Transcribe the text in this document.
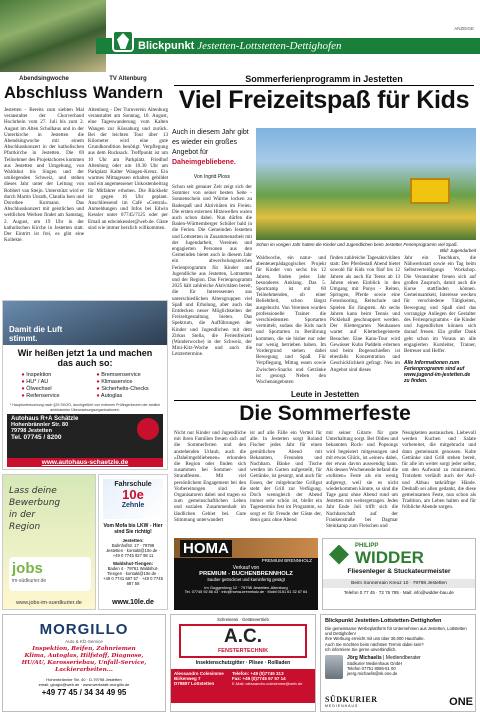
ANZEIGE
Blickpunkt Jestetten-Lottstetten-Dettighofen
Abendsingwoche
Abschluss
Jestetten - Bereits zum siebten Mal veranstaltet der Chorverband Hochrhein vom 27. Juli bis zum 2. August im Alten Schulhaus und in der Unterkirche in Jestetten die Abendsingwoche mit einem Abschlusskonzert in der katholischen Pfarrkirche in Jestetten. Die 69 Teilnehmer des Projektchores kommen aus Jestetten und Umgebung, von Waldshut bis Singen und der umliegenden Schweiz, und stehen dieses Jahr unter der Leitung von Robbert van Steijn. Unterstützt wird er durch Martin Unrath, Claudia Isen und Dorothee Kurmann. Das Abschlusskonzert mit geistlichen und weltlichen Werken findet am Samstag, 2. August, um 19 Uhr in der katholischen Kirche in Jestetten statt. Der Eintritt ist frei, es gibt eine Kollekte.
TV Altenburg
Wandern
Altenburg - Der Turnverein Altenburg veranstaltet am Sonntag, 10. August, eine Tageswanderung vom Kalten Wangen zur Küssaburg und zurück. Bei der leichten Tour über 13 Kilometer wird eine gute Grundkondition benötigt. Verpflegung aus dem Rucksack. Treffpunkt ist um 10 Uhr am Parkplatz Friedhof Altenburg oder um 10.30 Uhr am Parkplatz Kalter Wangen-Kreuz. Ein warmes Mittagessen erhalten gebildet und ein angemessener Unkostenbeitrag für Mitfahrer erhoben. Die Rückkehr ist gegen 16 Uhr geplant. Anschliessend im Café »Central«. Anmeldungen und Infos bei Edwin Kessler unter 07745/7125 oder per Email an edwinkessler@web.de. Gäste sind wie immer herzlich willkommen.
Sommerferienprogramm in Jestetten
Viel Freizeitspaß für Kids
Auch in diesem Jahr gibt es wieder ein großes Angebot für
Daheimgebliebene.
Von Ingrid Ploss
Schon seit genauer Zeit zeigt sich der Sommer von seiner besten Seite - Sonnenschein und Wärme locken zu Badespaß und Aktivitäten im Freien. Die ersten externen Hitzewellen waren auch schon dabei. Nun dürfen die Baden-Württemberger Schüler bald in die Ferien. Die Gemeinden Jestetten und Lottstetten in Zusammenarbeit mit der Jugendarbeit, Vereinen und engagierten Personen aus den Gemeinden bietet auch in diesem Jahr ein abwechslungsreiches Ferienprogramm für Kinder und Jugendliche aus Jestetten, Lottstetten und der Region. Das Ferienprogramm 2025 hält zahlreiche Aktivitäten bereit, die für Interessenten aus unterschiedlichen Altersgruppen viel Spaß und Erholung, aber auch das Entdecken neuer Möglichkeiten der Freizeitgestaltung bieten. Das Spektrum, die Aufführungen der Kinder und Jugendlichen mit dem Zirkus Stella, die Ferienfreizeit (Wanderwoche) in der Schweiz, der Mini-Kitz-Woche und auch die Letztertermine.
Schon im vorigen Jahr hatten die Kinder und Jugendlichen beim Jestetter Ferienprogramm viel Spaß.
Bild: Jugendarbeit
Waldwoche, ein natur- und abenteuerpädagogisches Projekt für Kinder von sechs bis 12 Jahren, finden jedes Jahr besonderes Anklang. Das 5. Sportcamp ist mit 60 Teilnehmenden, ob einer Beliebtheit, schon längst ausgebucht. Von Vereinen wurden professionelle Trainer die verschiedensten Sportarten vermittelt, sodass die Kids nach und Sportarten in Berührung kommen, die sie bisher nur oder nur wenig betrieben haben. Im Vordergrund stehen dabei Bewegung und Spaß. Für Verpflegung, Mittag essen sowie Zwischen-Snacks und Getränke ist gesorgt. Neben den Wochenangeboten
finden zahlreiche Tagesaktivitäten statt: Der Pferdestall Abend bietet sowohl für Kids von fünf bis 12 Jahren als auch für Teens ab 13 Jahren einen Einblick in den Umgang mit Ponys - Reiten, Springen, Pferde sowie eine Fotoshooting, Reitschule und Spielen für Jüngsten. Ab sechs Jahren kann beim Tennis und Pickleball geschnuppert werden. Der Klettergarten Neuhausen wartet auf Kletterbegeisterte Besucher. Eine Kanu-Tour wird Gewässer Kuhn Paddeln erlernen und beim Bogenschießen ist ebenfalls Konzentration und Geschicklichkeit gefragt. Neu im Angebot sind dieses
Jahr ein Teachkurs, die Nähwerkstatt sowie ein Tag beim Selbstverteidigungs Workshop. Die Veranstalter freuen sich auf großen Zuspruch, damit auch die Kurse stattfinden können. Gemeinsamkeit, Interesse wecken für verschiedene Tätigkeiten, Bewegung und Spaß sind das vorrangige Anliegen der Gestalter des Ferienprogramms - die Kinder und Jugendlichen können sich darauf freuen. Ein großer Dank geht schon im Voraus an alle engagierten Kursleiter, Trainer, Betreuer und Helfer.
Alle Informationen zum Ferienprogramm sind auf www.jugend-im-jestetten.de zu finden.
Damit die Luft stimmt.
Wir heißen jetzt 1a und machen das auch so:
● Inspektion
● HU* / AU
● Ölwechsel
● Reifenservice
● Bremsenservice
● Klimaservice
● Sicherheits-Checks
● Autoglas
* Hauptuntersuchung nach §29 StVZO, durchgeführt von externen Prüfingenieuren der amtlich anerkannten Überwachungsorganisationen.
Autohaus R+A Schätzle
Hohenbrännler Str. 80
79798 Jestetten
Tel. 07745 / 8200
www.autohaus-schaetzle.de
Lass deine
Bewerbung
in der
Region
jobs
im-südkurier.de
www.jobs-im-suedkurier.de
Fahrschule
10e
Zehnle
Vom Mofa bis LKW - Hier sind Sie richtig!
Jestetten:
Bahnhofstr. 17 · 79798 Jestetten · kontakt@10e.de · +49 0 7745 927 98 11
Waldshut-Tiengen:
Baden 4 · 79761 Waldshut-Tiengen · kontakt@10e.de · +49 0 7741 687 57 · +49 0 7745 687 58
www.10le.de
Leute in Jestetten
Die Sommerfeste
Nicht nur Kinder und Jugendliche mit ihren Familien freuen sich auf die Sommerferien und den anstehenden Urlaub, auch die »Dahéimgebliebenen« erkunden die Region oder finden sich zusammen bei Sommer- und Strandfesten. Mit viel persönlichem Engagement bei den Vorbereitungen sind die Organisatoren dabei und tragen so zum gemeinschaftlichen Leben und sozialen Zusammenhalt im ländlichen Gebiet bei. Gute Stimmung unterwandert
ist auf alle Fälle ein Verteil für alle. In Jestetten sorgt Roland Fischer jedes Jahr für einen gemütlichen Abend mit Bekannten, Freunden und Nachbarn. Bänke und Tische werden im Garten aufgestellt, für Getränke, ist gesorgt, und auch für Essen, der mitgebrachte Grillgut steht der Grill zur Verfügung. Doch wenngleich der Abend immer sehr schön ist, bleibt ein Tagestermin fest im Programm, so sorgt er für Freude der Gäste der, denn ganz ohne Abend
mit seiner Gitarre für gute Unterhaltung sorgt. Bei Oldies und bekannten Rock- und Popsongs wird begeistert mitgesungen und mit etwas Glück, ist »einer« dabei, der etwas davon auswendig kann. Als dessen Wochenende befand die »tollsten« Feste als ein wenig aufgeregt, weil sie es nicht wiederkommen könnte, so sind die Tage ganz ohne Abend rund um Jestetten mit weitergetragen. Jedes Jahr Ende Juli trifft sich die Nachbarschaft auf der Frankenstraße bei Dagmar Steinkamp zum Fleischen und
Neuigkeiten austauschen. Liebevoll werden Kuchen und Salate vorbereitet, die mitgebracht und dann gemeinsam genossen. Kalte Getränke sind Grill stehen bereit, für alle im weiter sorgt jeder selbst, um den Aufwand zu minimieren. Trotzdem verläuft auch der Auf- und Abbau tatkräftige Hände. Deshalb sei allen gedankt, die diese gemeinsamen Feste, nun schon als Tradition, am Leben halten und für fröhliche Abende sorgen.
HOMA
PREMIUM BRENNHOLZ
Verkauf von
PREMIUM - BUCHENBRENNHOLZ
Sauber getrocknet und kaminfertig gesägt
Im Guggenlong 12 · 79798 Jestetten-Altenburg
Tel. 07745 92 86 43 · info@homa-brennholz.de · Mobil 0151 61 32 87 64
PHILIPP
WIDDER
Fliesenleger & Stuckateurmeister
Beim Sonnenrain Kreuz 10 · 79798 Jestetten
Telefon 0 77 45 · 72 76 785 · Mail: info@widder-bau.de
MORGILLO
Auto & Kfz-Service
Inspektion, Reifen, Zahnriemen
Klima, Autoglas, Hilfstoff, Diagnose,
HU/AU, Karosseriebau, Unfall-Service,
Lackierarbeiten...
Hohenbrännler Str. 40 · D-79798 Jestetten
email: giorgio@web.de · www.werkstatt-morgillo.de
+49 77 45 / 34 34 49 95
Schreinerei · Gerätevertrieb
A.C.
FENSTERTECHNIK
Insektenschutzgitter · Plisee · Rollladen
Alessandro Colesimme
Birkenweg 7
D79807 Lottstetten
Telefon: +49 (0)7745 313
Fax: +49 (0)7745 57 57 14
E-Mail: alessandro.colesimme@web.de
Blickpunkt Jestetten-Lottstetten-Dettighofen
Die gemeinsame Werbeplattform für Unternehmen aus Jestetten, Lottstetten und Dettighofen!
Ihre Werbung erreicht mit uns über 36.000 Haushalte.
Auch Sie möchten beim nächsten Termin dabei sein?
Ich informiere Sie gerne unverbindlich.
Jörg Michaelis | Mediendberater
Südkurier Medienhaus GmbH
Telefon 07751 8086-51 00
joerg.michaelis@sk.one.de
SÜDKURIER
MEDIENHAUS	ONE
